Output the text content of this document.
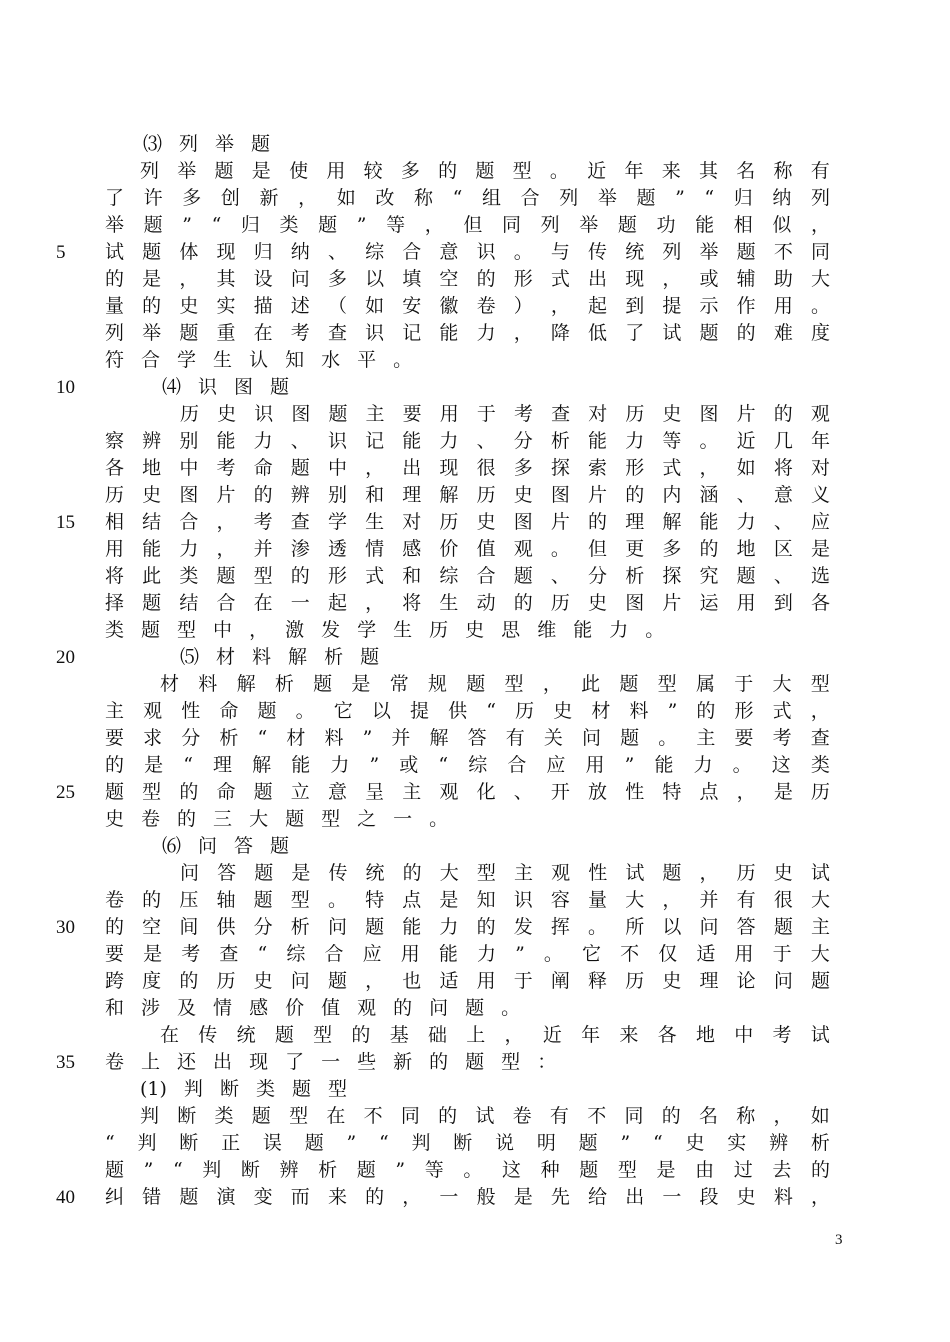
⑶ 列 举 题
列 举 题 是 使 用 较 多 的 题 型 。 近 年 来 其 名 称 有
了 许 多 创 新 ， 如 改 称 “ 组 合 列 举 题 ” “ 归 纳 列
举 题 ” “ 归 类 题 ” 等 ， 但 同 列 举 题 功 能 相 似 ，
5 试 题 体 现 归 纳 、 综 合 意 识 。 与 传 统 列 举 题 不 同
的 是 ， 其 设 问 多 以 填 空 的 形 式 出 现 ， 或 辅 助 大
量 的 史 实 描 述 （ 如 安 徽 卷 ） ， 起 到 提 示 作 用 。
列 举 题 重 在 考 查 识 记 能 力 ， 降 低 了 试 题 的 难 度
符 合 学 生 认 知 水 平 。
10	⑷ 识 图 题
历 史 识 图 题 主 要 用 于 考 查 对 历 史 图 片 的 观
察 辨 别 能 力 、 识 记 能 力 、 分 析 能 力 等 。 近 几 年
各 地 中 考 命 题 中 ， 出 现 很 多 探 索 形 式 ， 如 将 对
历 史 图 片 的 辨 别 和 理 解 历 史 图 片 的 内 涵 、 意 义
15 相 结 合 ， 考 查 学 生 对 历 史 图 片 的 理 解 能 力 、 应
用 能 力 ， 并 渗 透 情 感 价 值 观 。 但 更 多 的 地 区 是
将 此 类 题 型 的 形 式 和 综 合 题 、 分 析 探 究 题 、 选
择 题 结 合 在 一 起 ， 将 生 动 的 历 史 图 片 运 用 到 各
类 题 型 中 ， 激 发 学 生 历 史 思 维 能 力 。
20	⑸ 材 料 解 析 题
材 料 解 析 题 是 常 规 题 型 ， 此 题 型 属 于 大 型
主 观 性 命 题 。 它 以 提 供 “ 历 史 材 料 ” 的 形 式 ，
要 求 分 析 “ 材 料 ” 并 解 答 有 关 问 题 。 主 要 考 查
的 是 “ 理 解 能 力 ” 或 “ 综 合 应 用 ” 能 力 。 这 类
25 题 型 的 命 题 立 意 呈 主 观 化 、 开 放 性 特 点 ， 是 历
史 卷 的 三 大 题 型 之 一 。
⑹ 问 答 题
问 答 题 是 传 统 的 大 型 主 观 性 试 题 ， 历 史 试
卷 的 压 轴 题 型 。 特 点 是 知 识 容 量 大 ， 并 有 很 大
30 的 空 间 供 分 析 问 题 能 力 的 发 挥 。 所 以 问 答 题 主
要 是 考 查 “ 综 合 应 用 能 力 ” 。 它 不 仅 适 用 于 大
跨 度 的 历 史 问 题 ， 也 适 用 于 阐 释 历 史 理 论 问 题
和 涉 及 情 感 价 值 观 的 问 题 。
在 传 统 题 型 的 基 础 上 ， 近 年 来 各 地 中 考 试
35 卷 上 还 出 现 了 一 些 新 的 题 型 ：
(1) 判 断 类 题 型
判 断 类 题 型 在 不 同 的 试 卷 有 不 同 的 名 称 ， 如
“ 判 断 正 误 题 ” “ 判 断 说 明 题 ” “ 史 实 辨 析
题 ” “ 判 断 辨 析 题 ” 等 。 这 种 题 型 是 由 过 去 的
40 纠 错 题 演 变 而 来 的 ， 一 般 是 先 给 出 一 段 史 料 ，
3
